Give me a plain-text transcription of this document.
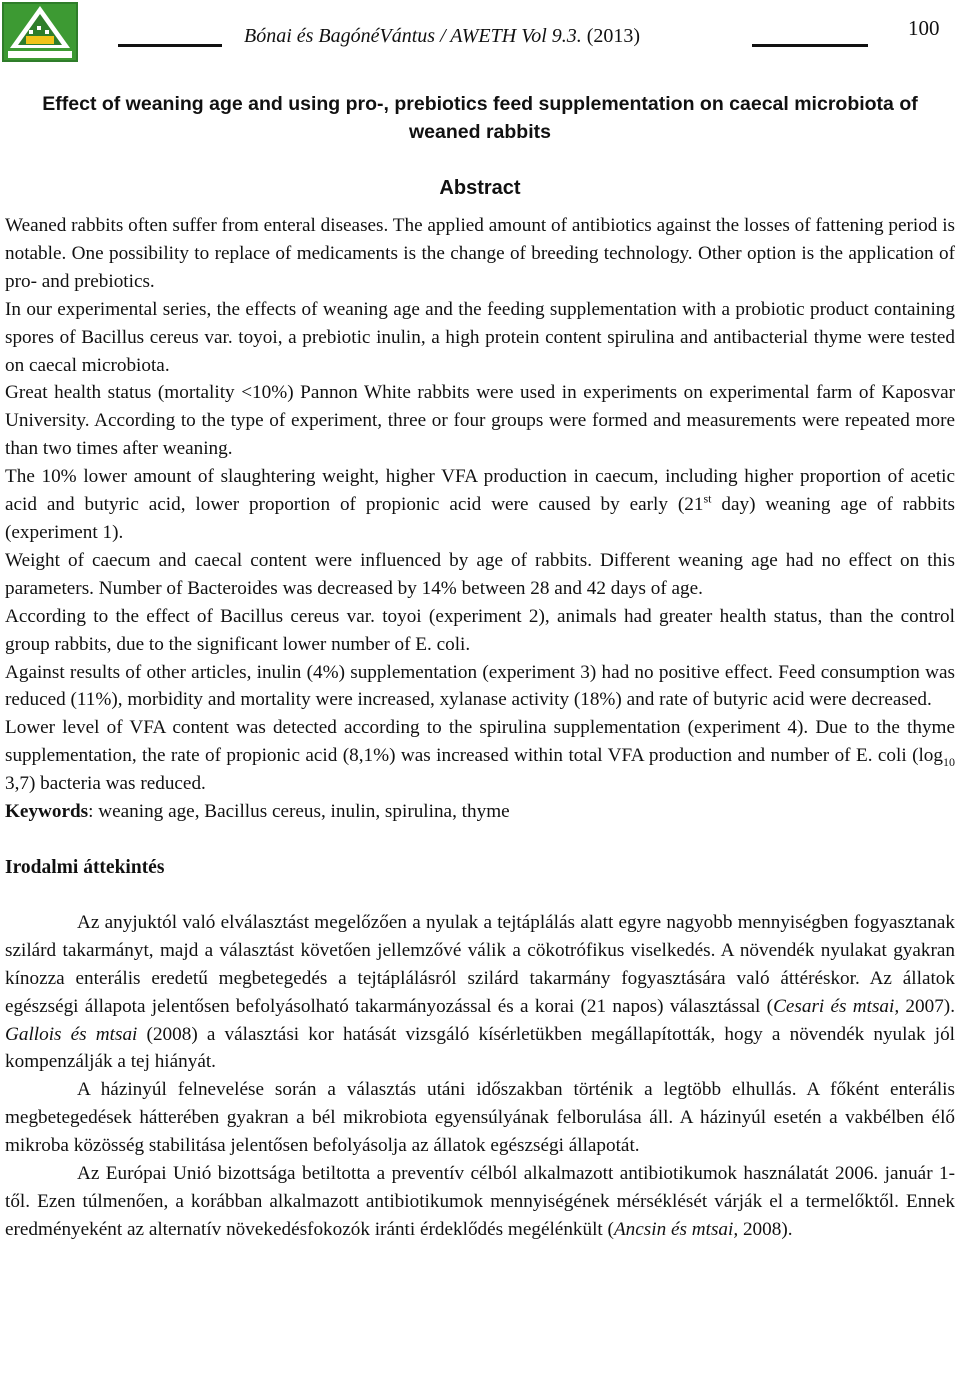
Bónai és BagónéVántus / AWETH Vol 9.3. (2013)	100
Effect of weaning age and using pro-, prebiotics feed supplementation on caecal microbiota of weaned rabbits
Abstract

Weaned rabbits often suffer from enteral diseases. The applied amount of antibiotics against the losses of fattening period is notable. One possibility to replace of medicaments is the change of breeding technology. Other option is the application of pro- and prebiotics.

In our experimental series, the effects of weaning age and the feeding supplementation with a probiotic product containing spores of Bacillus cereus var. toyoi, a prebiotic inulin, a high protein content spirulina and antibacterial thyme were tested on caecal microbiota.

Great health status (mortality <10%) Pannon White rabbits were used in experiments on experimental farm of Kaposvar University. According to the type of experiment, three or four groups were formed and measurements were repeated more than two times after weaning.

The 10% lower amount of slaughtering weight, higher VFA production in caecum, including higher proportion of acetic acid and butyric acid, lower proportion of propionic acid were caused by early (21st day) weaning age of rabbits (experiment 1).

Weight of caecum and caecal content were influenced by age of rabbits. Different weaning age had no effect on this parameters. Number of Bacteroides was decreased by 14% between 28 and 42 days of age.

According to the effect of Bacillus cereus var. toyoi (experiment 2), animals had greater health status, than the control group rabbits, due to the significant lower number of E. coli.

Against results of other articles, inulin (4%) supplementation (experiment 3) had no positive effect. Feed consumption was reduced (11%), morbidity and mortality were increased, xylanase activity (18%) and rate of butyric acid were decreased.

Lower level of VFA content was detected according to the spirulina supplementation (experiment 4). Due to the thyme supplementation, the rate of propionic acid (8,1%) was increased within total VFA production and number of E. coli ($\log_{10}$ 3,7) bacteria was reduced.

Keywords: weaning age, Bacillus cereus, inulin, spirulina, thyme

Irodalmi áttekintés

Az anyjuktól való elválasztást megelőzően a nyulak a tejtáplálás alatt egyre nagyobb mennyiségben fogyasztanak szilárd takarmányt, majd a választást követően jellemzővé válik a cökotrófikus viselkedés. A növendék nyulakat gyakran kínozza enterális eredetű megbetegedés a tejtáplálásról szilárd takarmány fogyasztására való áttéréskor. Az állatok egészségi állapota jelentősen befolyásolható takarmányozással és a korai (21 napos) választással (Cesari és mtsai, 2007). Gallois és mtsai (2008) a választási kor hatását vizsgáló kísérletükben megállapították, hogy a növendék nyulak jól kompenzálják a tej hiányát.

A házinyúl felnevelése során a választás utáni időszakban történik a legtöbb elhullás. A főként enterális megbetegedések hátterében gyakran a bél mikrobiota egyensúlyának felborulása áll. A házinyúl esetén a vakbélben élő mikroba közösség stabilitása jelentősen befolyásolja az állatok egészségi állapotát.

Az Európai Unió bizottsága betiltotta a preventív célból alkalmazott antibiotikumok használatát 2006. január 1-től. Ezen túlmenően, a korábban alkalmazott antibiotikumok mennyiségének mérséklését várják el a termelőktől. Ennek eredményeként az alternatív növekedésfokozók iránti érdeklődés megélénkült (Ancsin és mtsai, 2008).
